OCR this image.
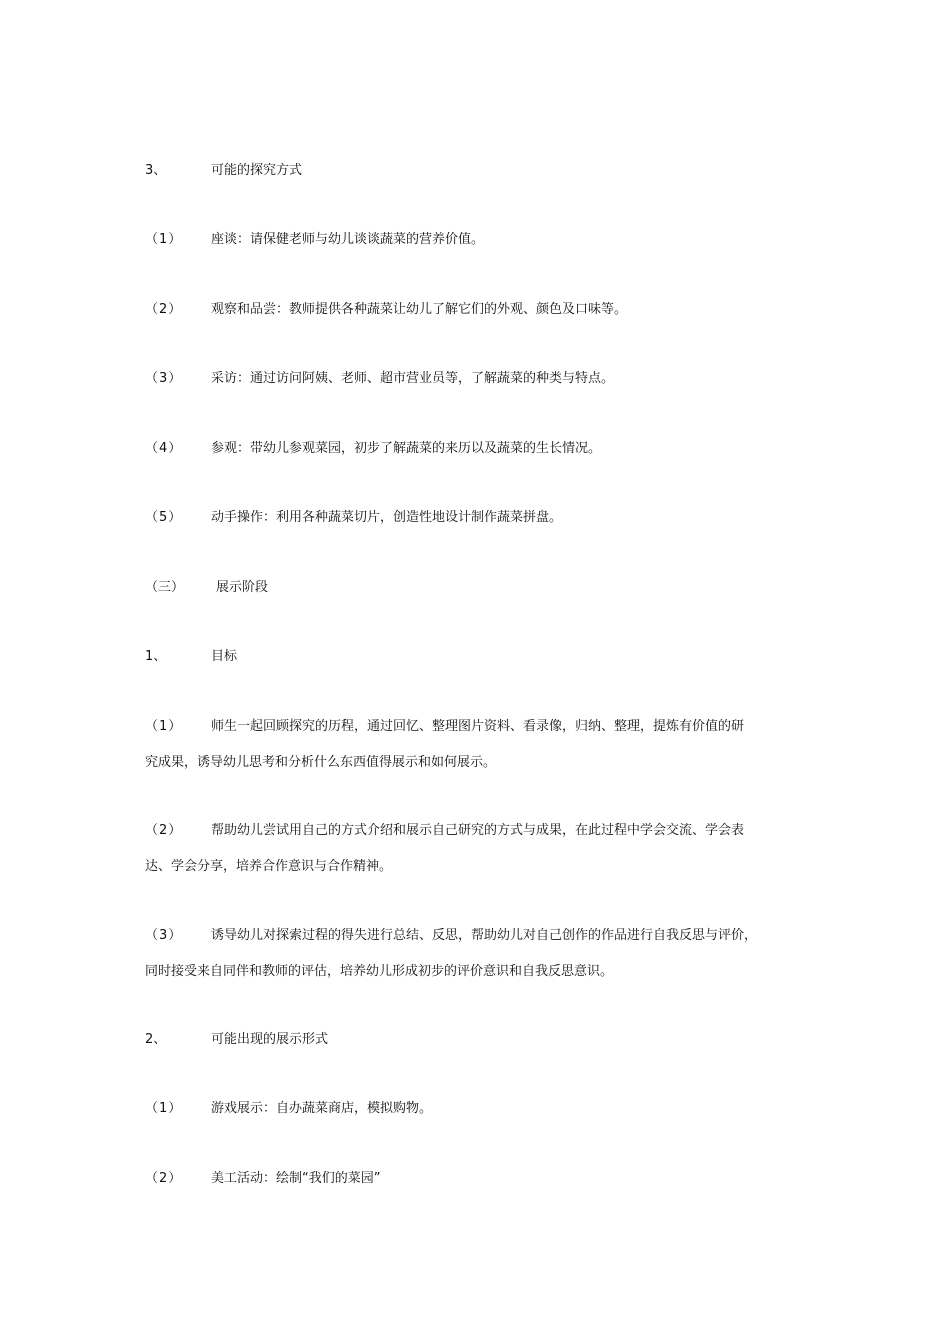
3、	可能的探究方式
（1） 座谈：请保健老师与幼儿谈谈蔬菜的营养价值。
（2） 观察和品尝：教师提供各种蔬菜让幼儿了解它们的外观、颜色及口味等。
（3） 采访：通过访问阿姨、老师、超市营业员等，了解蔬菜的种类与特点。
（4） 参观：带幼儿参观菜园，初步了解蔬菜的来历以及蔬菜的生长情况。
（5） 动手操作：利用各种蔬菜切片，创造性地设计制作蔬菜拼盘。
（三） 展示阶段
1、	目标
（1） 师生一起回顾探究的历程，通过回忆、整理图片资料、看录像，归纳、整理，提炼有价值的研
究成果，诱导幼儿思考和分析什么东西值得展示和如何展示。
（2） 帮助幼儿尝试用自己的方式介绍和展示自己研究的方式与成果，在此过程中学会交流、学会表
达、学会分享，培养合作意识与合作精神。
（3） 诱导幼儿对探索过程的得失进行总结、反思，帮助幼儿对自己创作的作品进行自我反思与评价，
同时接受来自同伴和教师的评估，培养幼儿形成初步的评价意识和自我反思意识。
2、	可能出现的展示形式
（1） 游戏展示：自办蔬菜商店，模拟购物。
（2） 美工活动：绘制“我们的菜园”
